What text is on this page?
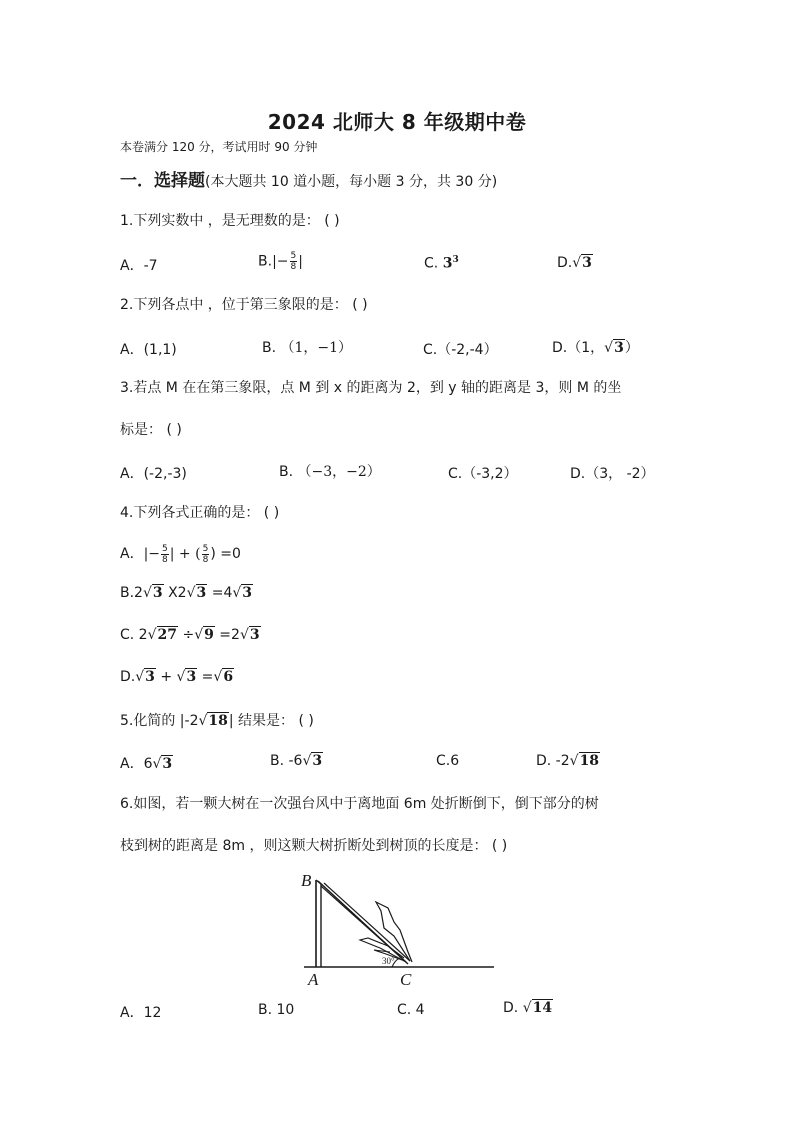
2024 北师大 8 年级期中卷
本卷满分 120 分，考试用时 90 分钟
一．选择题(本大题共 10 道小题，每小题 3 分，共 30 分)
1.下列实数中 ，是无理数的是： ( )
A．-7	$B.|- \frac{5}{8}$ |	C. $3^3$	D.√3
2.下列各点中 ，位于第三象限的是： ( )
A．(1,1)	B. （1，−1）	C.（-2,-4）	D.（1，√3）
3.若点 M 在在第三象限，点 M 到 x 的距离为 2，到 y 轴的距离是 3，则 M 的坐
标是： ( )
A．(-2,-3)	B. （−3，−2）	C.（-3,2）	D.（3， -2）
4.下列各式正确的是： ( )
A．|− $\frac{5}{8}$ | + ( $\frac{5}{8}$ ) =0
B.2√3 X2√3 =4√3
C. 2√27 ÷√9 =2√3
D.√3 + √3 =√6
5.化简的 |-2√18| 结果是： ( )
A．6√3	B. -6√3	C.6	D. -2√18
6.如图，若一颗大树在一次强台风中于离地面 6m 处折断倒下，倒下部分的树
枝到树的距离是 8m ，则这颗大树折断处到树顶的长度是： ( )
B
A	C
30°
A．12	B. 10	C. 4	D. √14
